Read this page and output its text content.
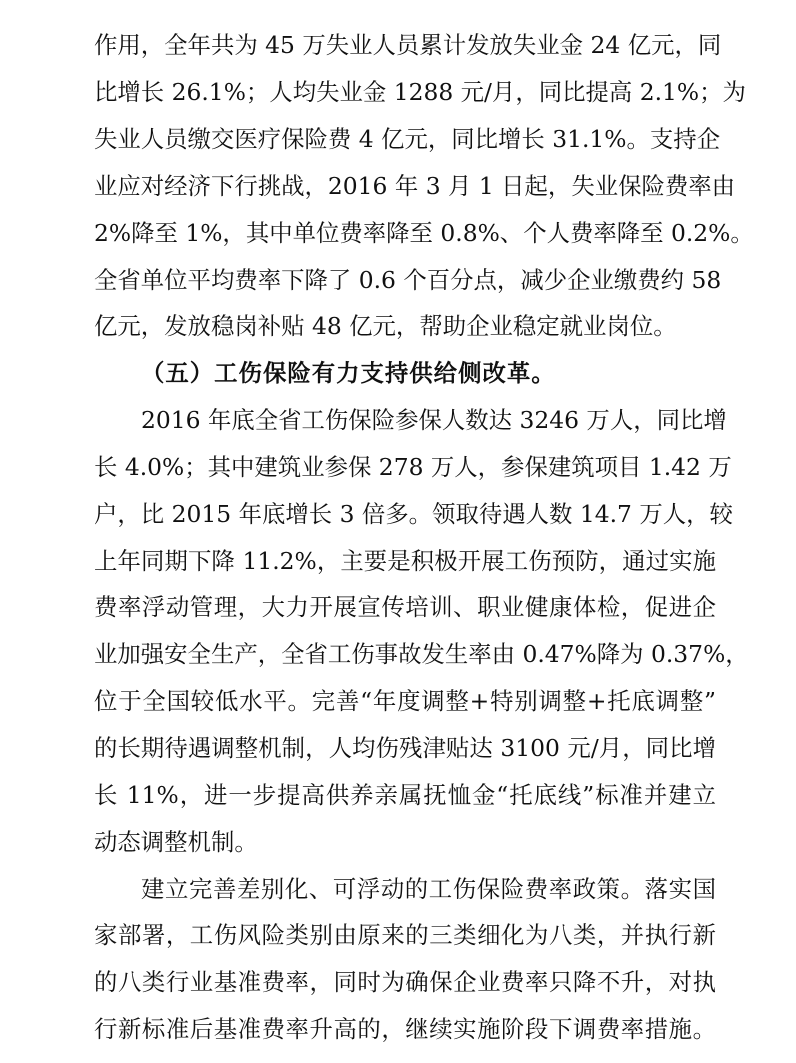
作用，全年共为 45 万失业人员累计发放失业金 24 亿元，同
比增长 26.1%；人均失业金 1288 元/月，同比提高 2.1%；为
失业人员缴交医疗保险费 4 亿元，同比增长 31.1%。支持企
业应对经济下行挑战，2016 年 3 月 1 日起，失业保险费率由
2%降至 1%，其中单位费率降至 0.8%、个人费率降至 0.2%。
全省单位平均费率下降了 0.6 个百分点，减少企业缴费约 58
亿元，发放稳岗补贴 48 亿元，帮助企业稳定就业岗位。
（五）工伤保险有力支持供给侧改革。
2016 年底全省工伤保险参保人数达 3246 万人，同比增
长 4.0%；其中建筑业参保 278 万人，参保建筑项目 1.42 万
户，比 2015 年底增长 3 倍多。领取待遇人数 14.7 万人，较
上年同期下降 11.2%，主要是积极开展工伤预防，通过实施
费率浮动管理，大力开展宣传培训、职业健康体检，促进企
业加强安全生产，全省工伤事故发生率由 0.47%降为 0.37%，
位于全国较低水平。完善“年度调整+特别调整+托底调整”
的长期待遇调整机制，人均伤残津贴达 3100 元/月，同比增
长 11%，进一步提高供养亲属抚恤金“托底线”标准并建立
动态调整机制。
建立完善差别化、可浮动的工伤保险费率政策。落实国
家部署，工伤风险类别由原来的三类细化为八类，并执行新
的八类行业基准费率，同时为确保企业费率只降不升，对执
行新标准后基准费率升高的，继续实施阶段下调费率措施。
